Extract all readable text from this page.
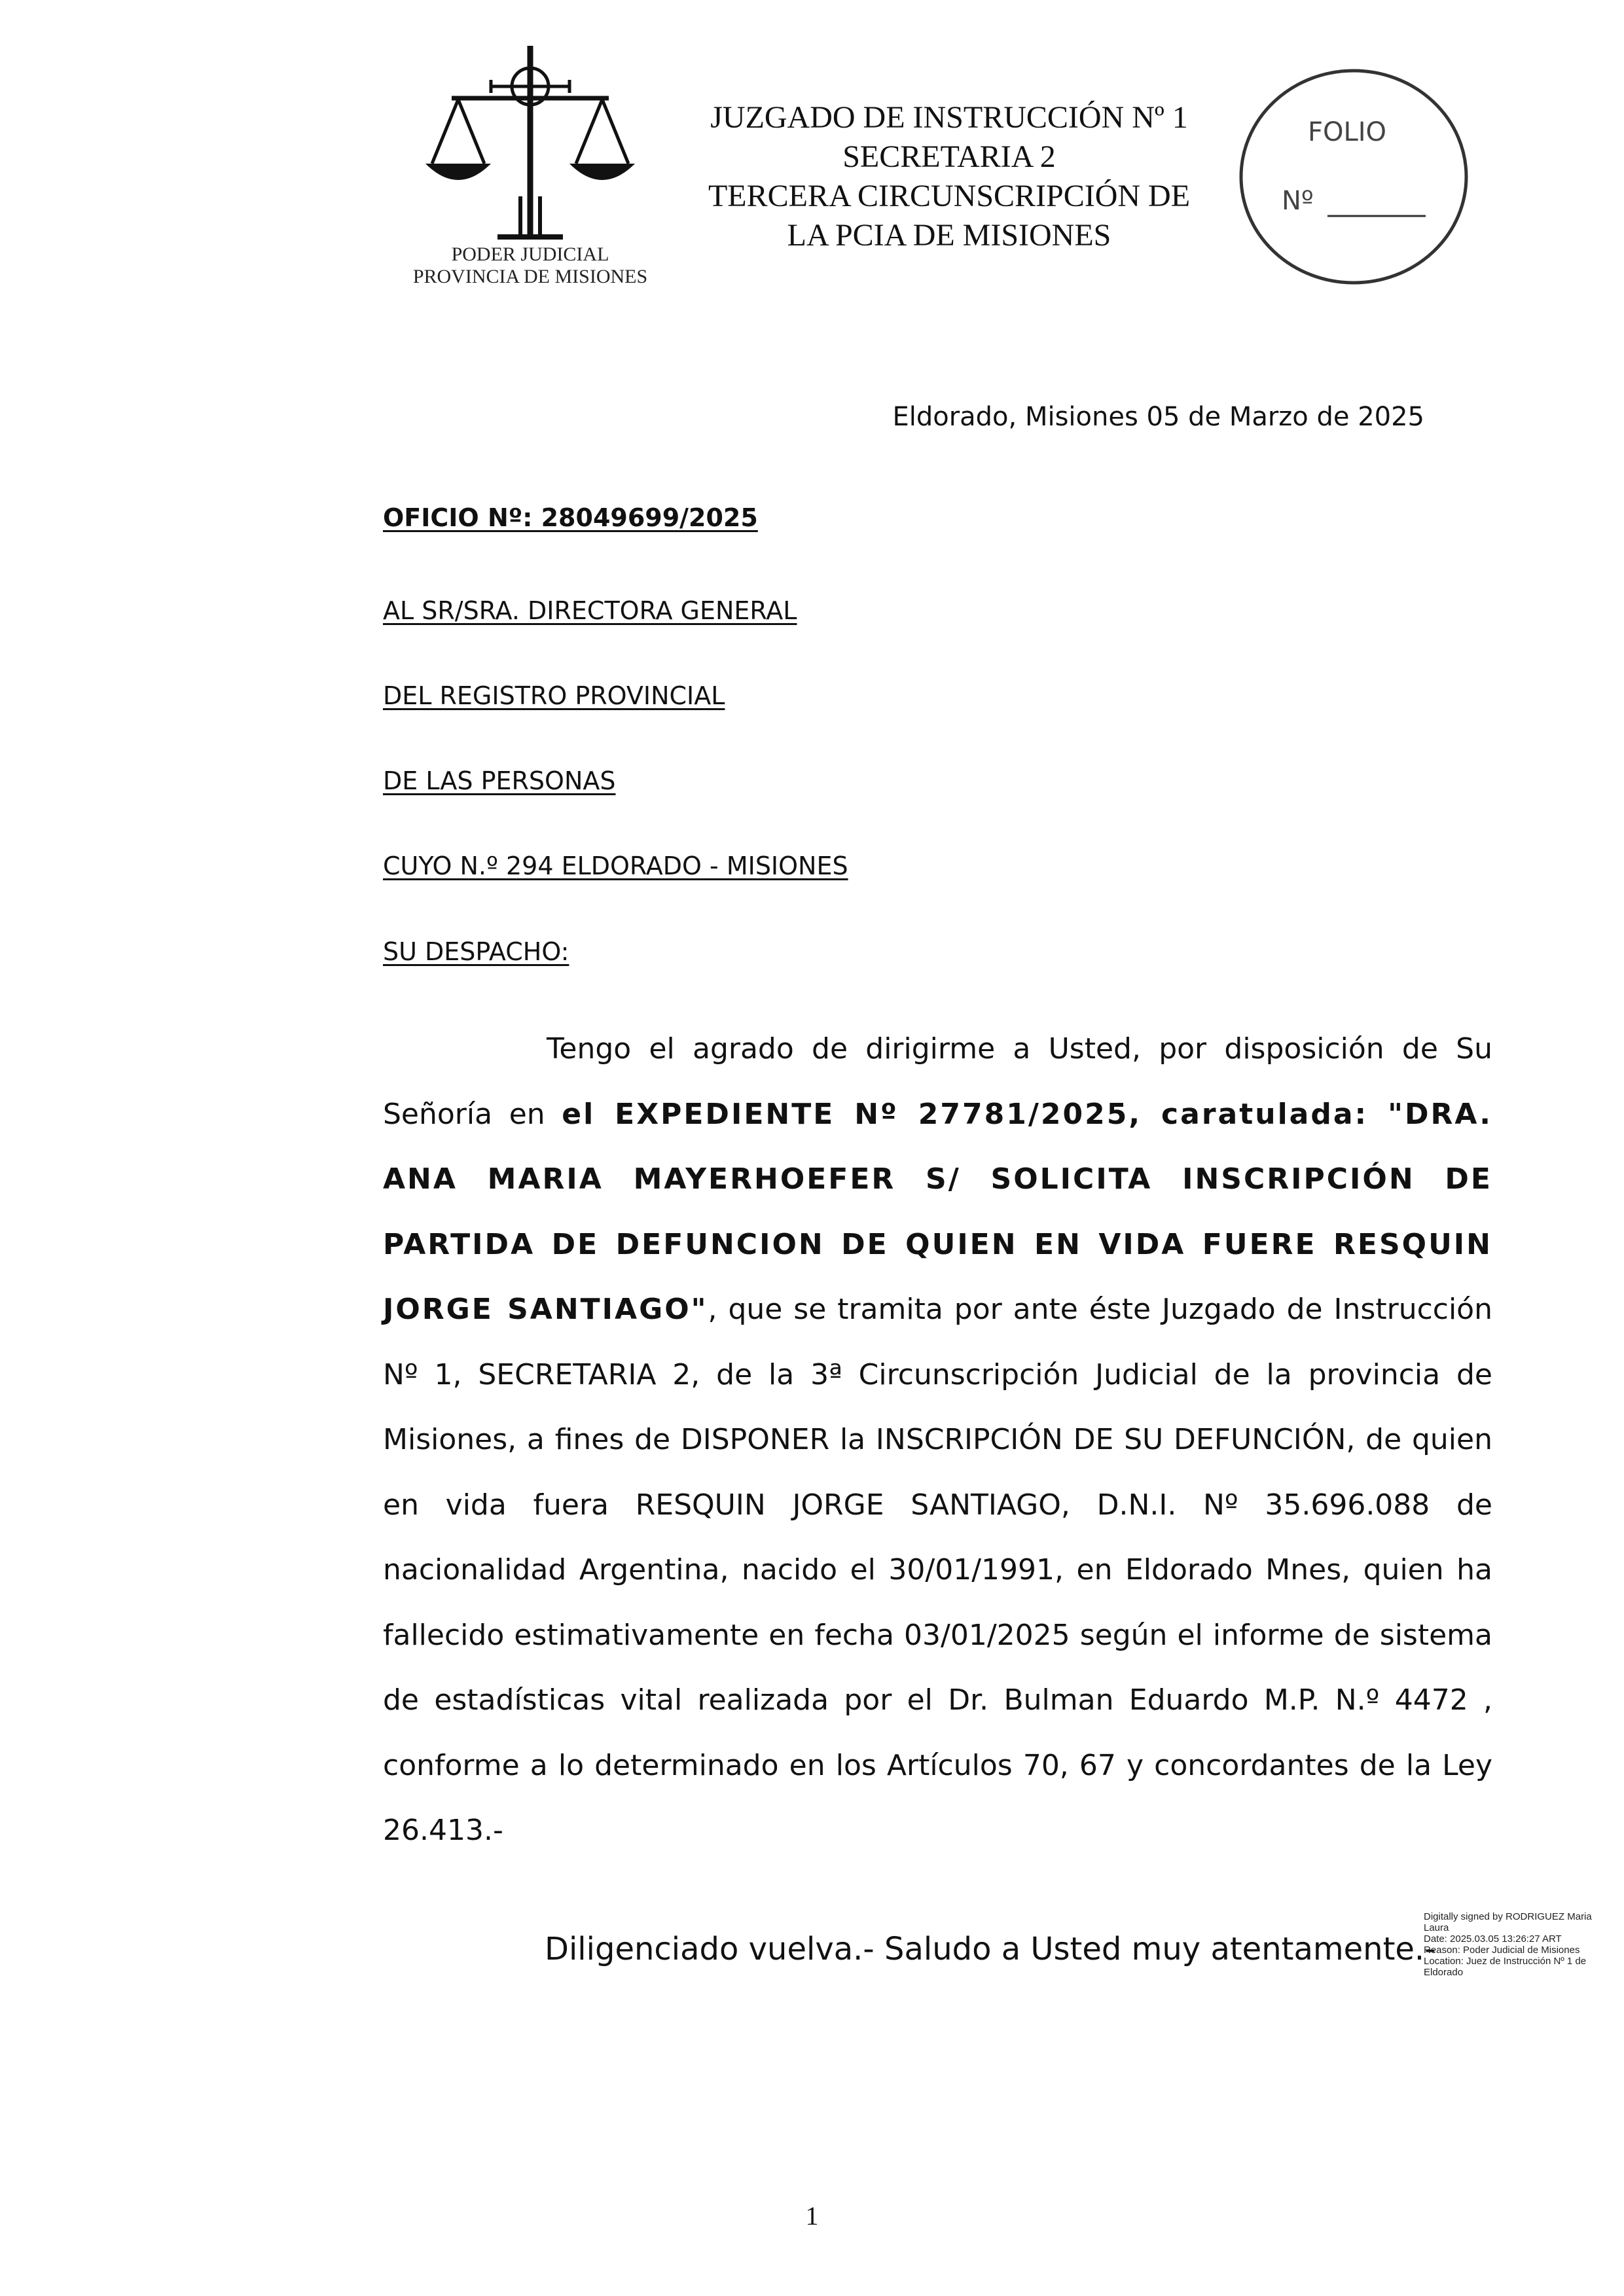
PODER JUDICIAL
PROVINCIA DE MISIONES
JUZGADO DE INSTRUCCIÓN Nº 1
SECRETARIA 2
TERCERA CIRCUNSCRIPCIÓN DE
LA PCIA DE MISIONES
FOLIO
Nº
Eldorado, Misiones 05 de Marzo de 2025
OFICIO Nº: 28049699/2025
AL SR/SRA. DIRECTORA GENERAL
DEL REGISTRO PROVINCIAL
DE LAS PERSONAS
CUYO N.º 294 ELDORADO - MISIONES
SU DESPACHO:

Tengo el agrado de dirigirme a Usted, por disposición de Su Señoría en el EXPEDIENTE Nº 27781/2025, caratulada: "DRA. ANA MARIA MAYERHOEFER S/ SOLICITA INSCRIPCIÓN DE PARTIDA DE DEFUNCION DE QUIEN EN VIDA FUERE RESQUIN JORGE SANTIAGO", que se tramita por ante éste Juzgado de Instrucción Nº 1, SECRETARIA 2, de la 3ª Circunscripción Judicial de la provincia de Misiones, a fines de DISPONER la INSCRIPCIÓN DE SU DEFUNCIÓN, de quien en vida fuera RESQUIN JORGE SANTIAGO, D.N.I. Nº 35.696.088 de nacionalidad Argentina, nacido el 30/01/1991, en Eldorado Mnes, quien ha fallecido estimativamente en fecha 03/01/2025 según el informe de sistema de estadísticas vital realizada por el Dr. Bulman Eduardo M.P. N.º 4472 , conforme a lo determinado en los Artículos 70, 67 y concordantes de la Ley 26.413.-

Diligenciado vuelva.- Saludo a Usted muy atentamente.-
Digitally signed by RODRIGUEZ Maria Laura
Date: 2025.03.05 13:26:27 ART
Reason: Poder Judicial de Misiones
Location: Juez de Instrucción Nº 1 de Eldorado
1
